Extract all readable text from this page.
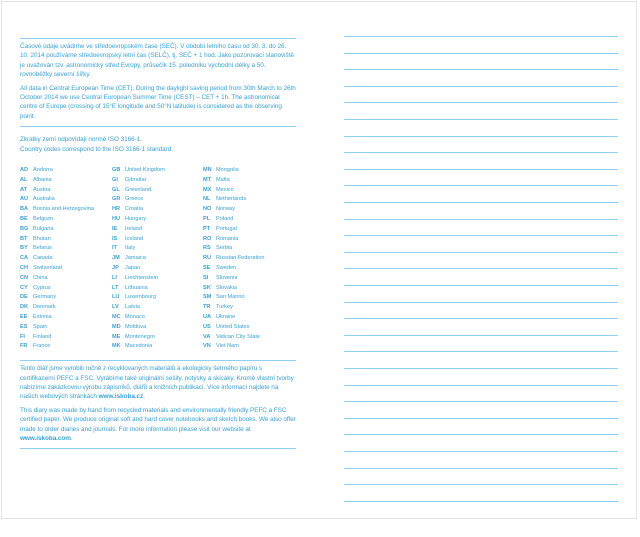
Časové údaje uvádíme ve středoevropském čase (SEČ). V období letního času od 30. 3. do 26. 10. 2014 používáme středoevropský letní čas (SELČ), tj. SEČ + 1 hod. Jako pozorovací stanoviště je uvažován tzv. astronomický střed Evropy, průsečík 15. poledníku východní délky a 50. rovnoběžky severní šířky.

All data in Central European Time (CET). During the daylight saving period from 30th March to 26th October 2014 we use Central European Summer Time (CEST) – CET + 1h. The astronomical centre of Europe (crossing of 15°E longitude and 50°N latitude) is considered as the observing point.

Zkratky zemí odpovídají normě ISO 3166-1.

Country codes correspond to the ISO 3166-1 standard.

AD Andorra
AL Albania
AT	Austria
AU Australia
BA Bosnia and Herzegovina
BE Belgium
BG Bulgaria
BT Bhutan
BY Belarus
CA Canada
CH Switzerland
CN China
CY Cyprus
DE Germany
DK Denmark
EE Estonia
ES Spain
FI	Finland
FR France
GB United Kingdom
GI	Gibraltar
GL Greenland
GR Greece
HR Croatia
HU Hungary
IE	Ireland
IS	Iceland
IT	Italy
JM Jamaica
JP	Japan
LI	Liechtenstein
LT	Lithuania
LU Luxembourg
LV	Latvia
MC Monaco
MD Moldova
ME Montenegro
MK Macedonia
MN Mongolia
MT Malta
MX Mexico
NL Netherlands
NO Norway
PL	Poland
PT	Portugal
RO Romania
RS Serbia
RU Russian Federation
SE Sweden
SI	Slovenia
SK Slovakia
SM San Marino
TR Turkey
UA Ukraine
US United States
VA	Vatican City State
VN Viet Nam

Tento diář jsme vyrobili ručně z recyklovaných materiálů a ekologicky šetrného papíru s certifikacemi PEFC a FSC. Vyrábíme také originální sešity, notýsky a skicáky. Kromě vlastní tvorby nabízíme zakázkovou výrobu zápisníků, diářů a knižních publikací. Více informací najdete na našich webových stránkách www.iskoba.cz.

This diary was made by hand from recycled materials and environmentally friendly PEFC a FSC certified paper. We produce original soft and hard cover notebooks and sketch books. We also offer made to order diaries and journals. For more information please visit our website at www.iskoba.com.
